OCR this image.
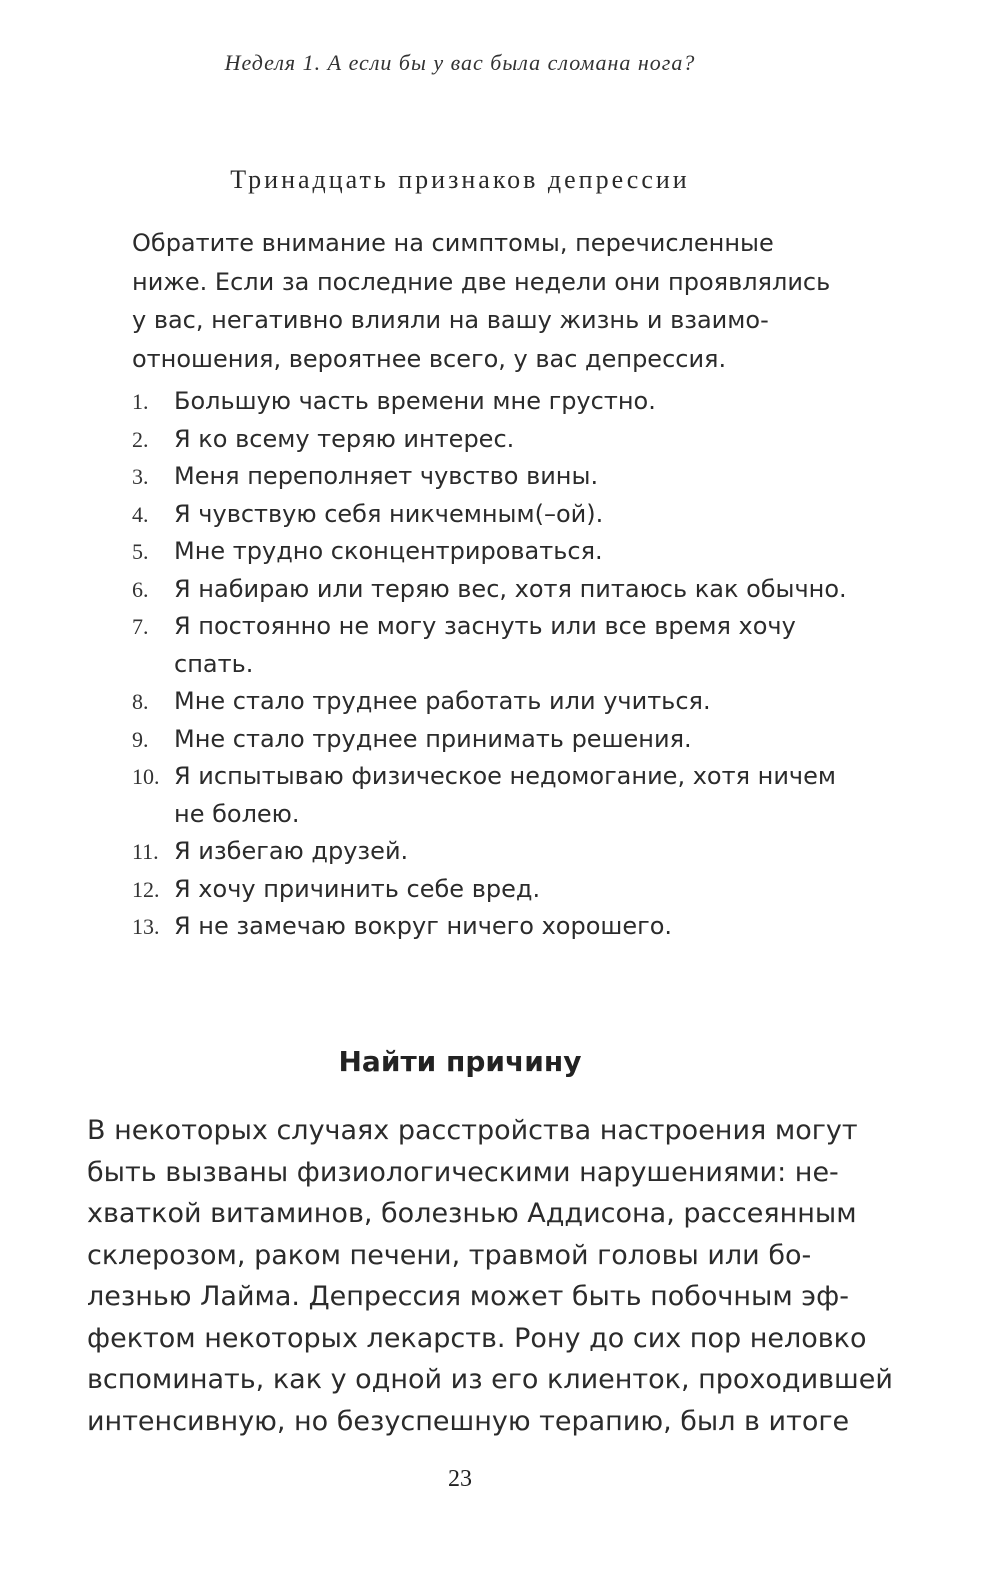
Неделя 1. А если бы у вас была сломана нога?
Тринадцать признаков депрессии
Обратите внимание на симптомы, перечисленные
ниже. Если за последние две недели они проявлялись
у вас, негативно влияли на вашу жизнь и взаимо-
отношения, вероятнее всего, у вас депрессия.
1. Большую часть времени мне грустно.
2. Я ко всему теряю интерес.
3. Меня переполняет чувство вины.
4. Я чувствую себя никчемным(–ой).
5. Мне трудно сконцентрироваться.
6. Я набираю или теряю вес, хотя питаюсь как обычно.
7. Я постоянно не могу заснуть или все время хочу
спать.
8. Мне стало труднее работать или учиться.
9. Мне стало труднее принимать решения.
10. Я испытываю физическое недомогание, хотя ничем
не болею.
11. Я избегаю друзей.
12. Я хочу причинить себе вред.
13. Я не замечаю вокруг ничего хорошего.
Найти причину
В некоторых случаях расстройства настроения могут
быть вызваны физиологическими нарушениями: не-
хваткой витаминов, болезнью Аддисона, рассеянным
склерозом, раком печени, травмой головы или бо-
лезнью Лайма. Депрессия может быть побочным эф-
фектом некоторых лекарств. Рону до сих пор неловко
вспоминать, как у одной из его клиенток, проходившей
интенсивную, но безуспешную терапию, был в итоге
23
